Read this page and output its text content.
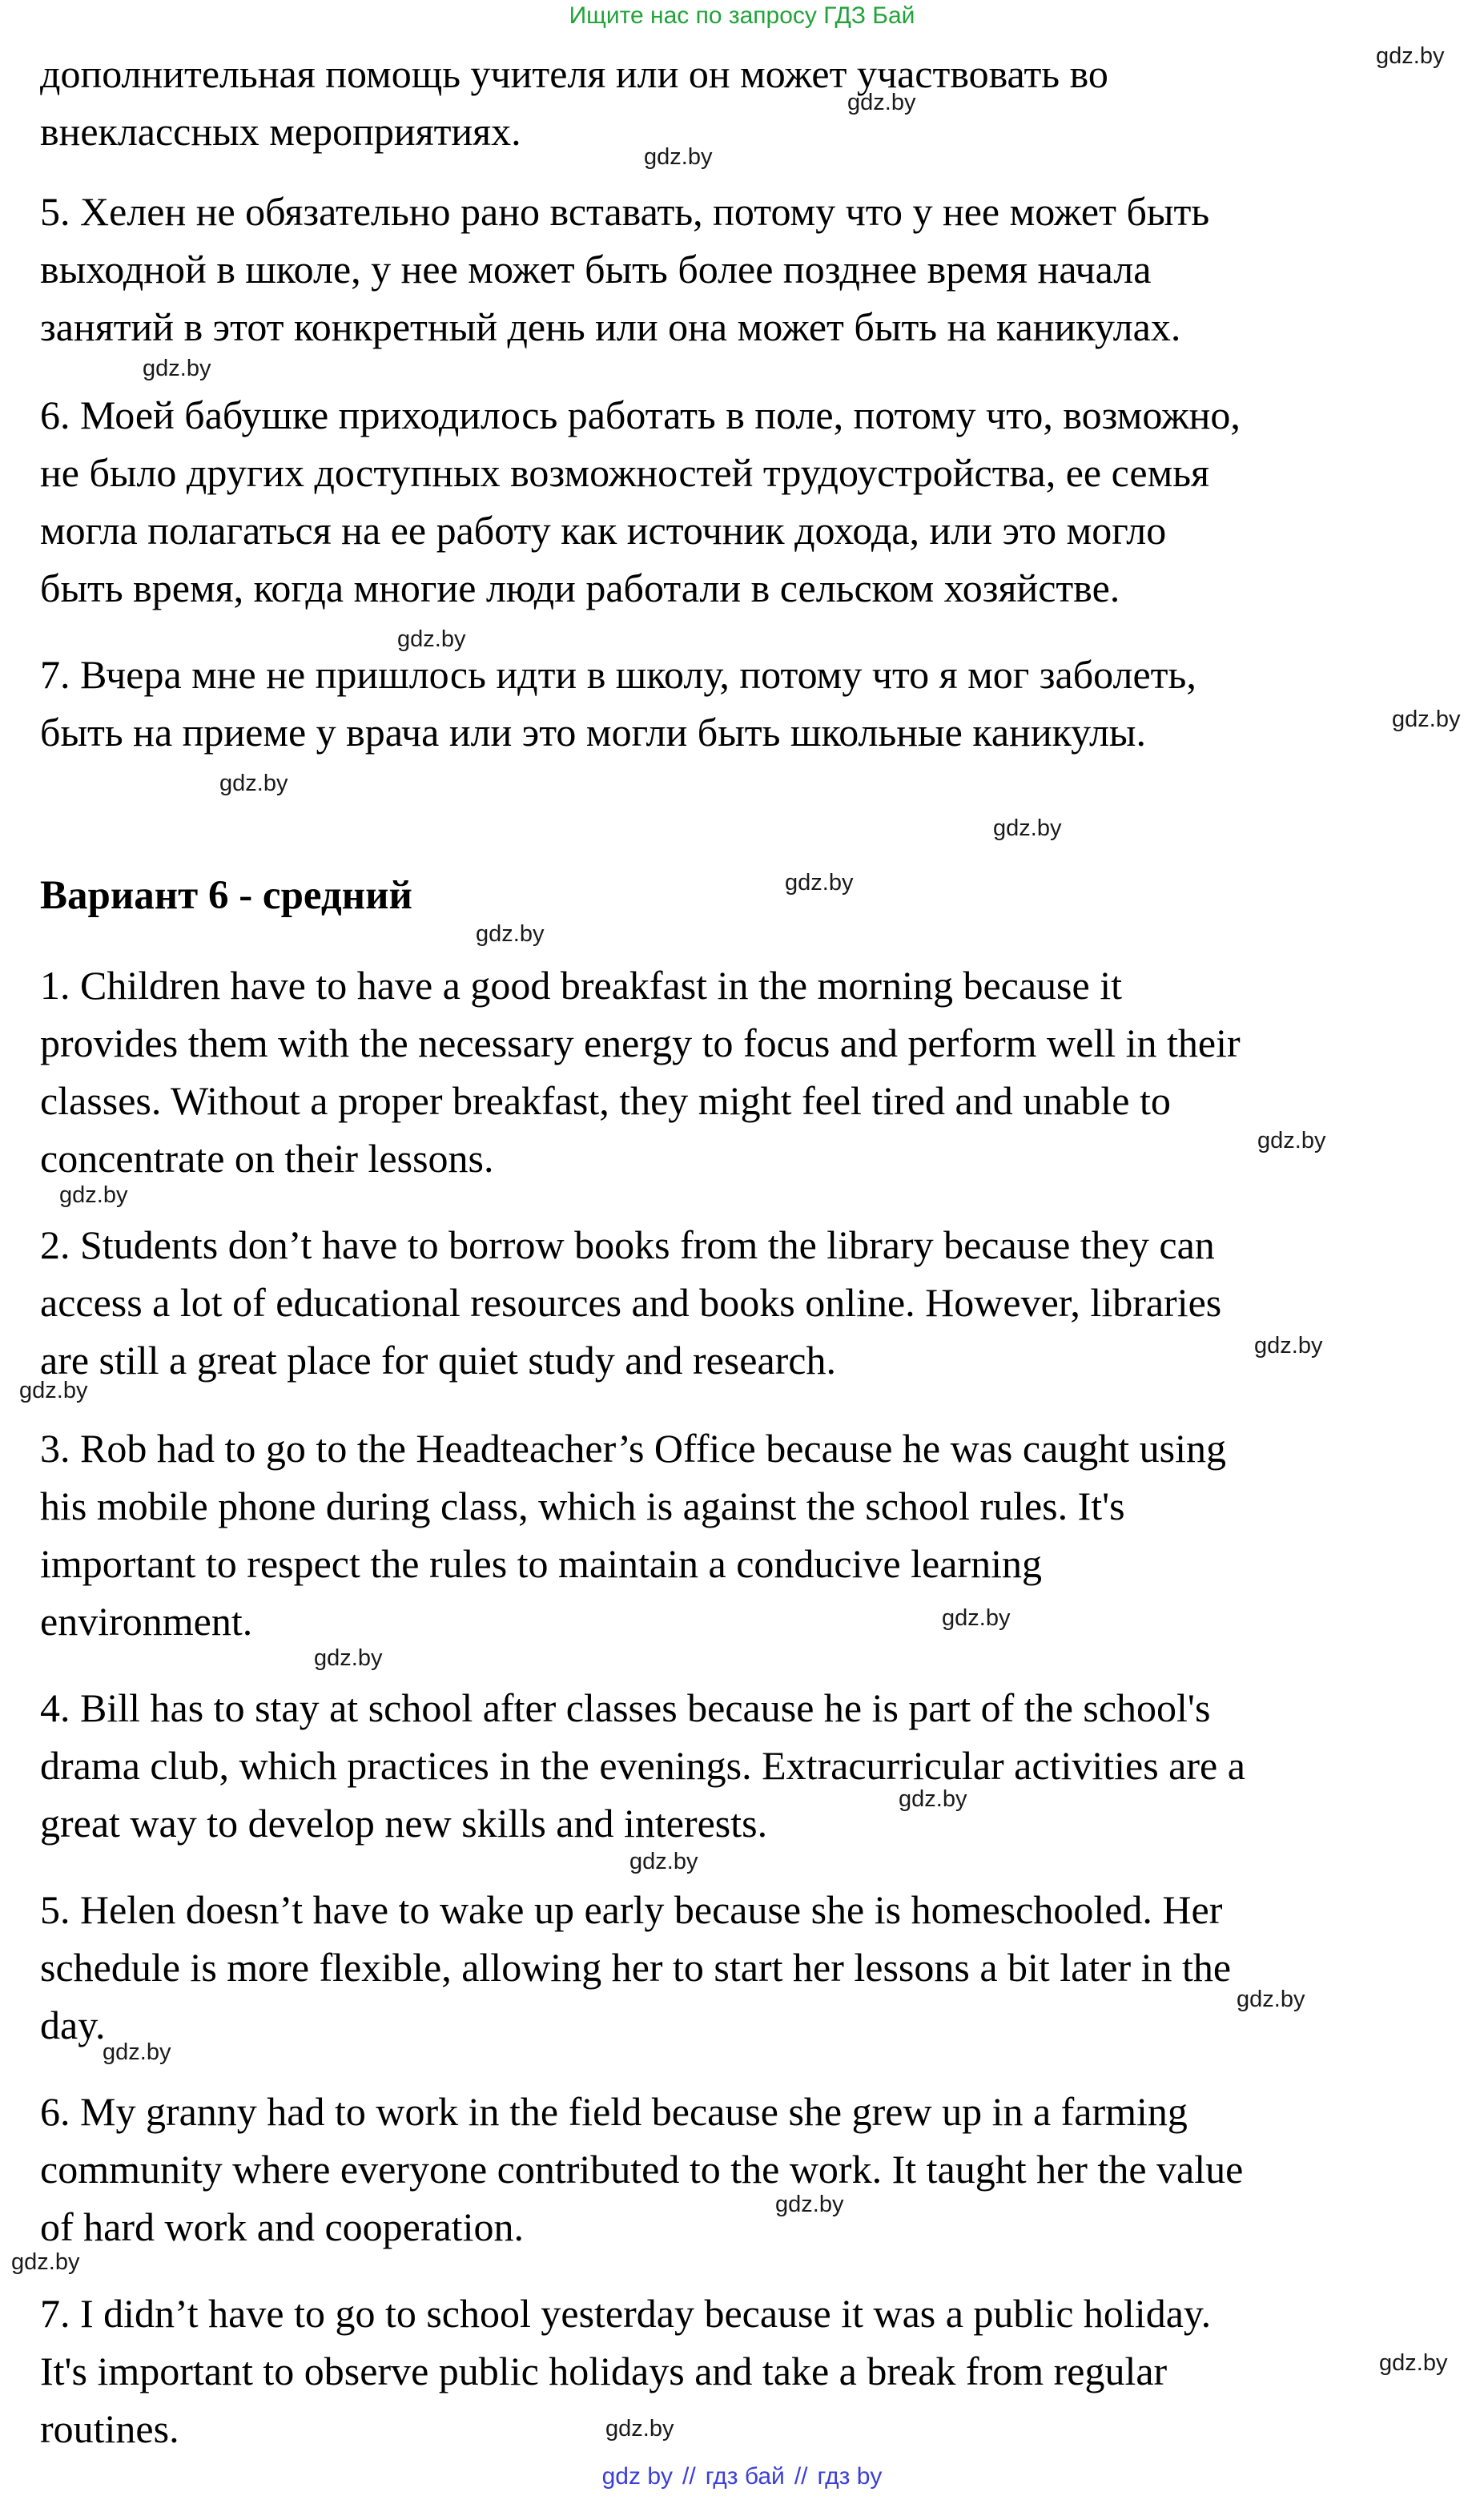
Ищите нас по запросу ГДЗ Бай

дополнительная помощь учителя или он может участвовать во
внеклассных мероприятиях.

5. Хелен не обязательно рано вставать, потому что у нее может быть
выходной в школе, у нее может быть более позднее время начала
занятий в этот конкретный день или она может быть на каникулах.

6. Моей бабушке приходилось работать в поле, потому что, возможно,
не было других доступных возможностей трудоустройства, ее семья
могла полагаться на ее работу как источник дохода, или это могло
быть время, когда многие люди работали в сельском хозяйстве.

7. Вчера мне не пришлось идти в школу, потому что я мог заболеть,
быть на приеме у врача или это могли быть школьные каникулы.

Вариант 6 - средний

1. Children have to have a good breakfast in the morning because it
provides them with the necessary energy to focus and perform well in their
classes. Without a proper breakfast, they might feel tired and unable to
concentrate on their lessons.

2. Students don’t have to borrow books from the library because they can
access a lot of educational resources and books online. However, libraries
are still a great place for quiet study and research.

3. Rob had to go to the Headteacher’s Office because he was caught using
his mobile phone during class, which is against the school rules. It's
important to respect the rules to maintain a conducive learning
environment.

4. Bill has to stay at school after classes because he is part of the school's
drama club, which practices in the evenings. Extracurricular activities are a
great way to develop new skills and interests.

5. Helen doesn’t have to wake up early because she is homeschooled. Her
schedule is more flexible, allowing her to start her lessons a bit later in the
day.

6. My granny had to work in the field because she grew up in a farming
community where everyone contributed to the work. It taught her the value
of hard work and cooperation.

7. I didn’t have to go to school yesterday because it was a public holiday.
It's important to observe public holidays and take a break from regular
routines.

gdz.by
gdz.by
gdz.by
gdz.by
gdz.by
gdz.by
gdz.by
gdz.by
gdz.by
gdz.by
gdz.by
gdz.by
gdz.by
gdz.by
gdz.by
gdz.by
gdz.by
gdz.by
gdz.by
gdz.by
gdz.by
gdz.by
gdz.by
gdz.by
gdz by // гдз бай // гдз by
